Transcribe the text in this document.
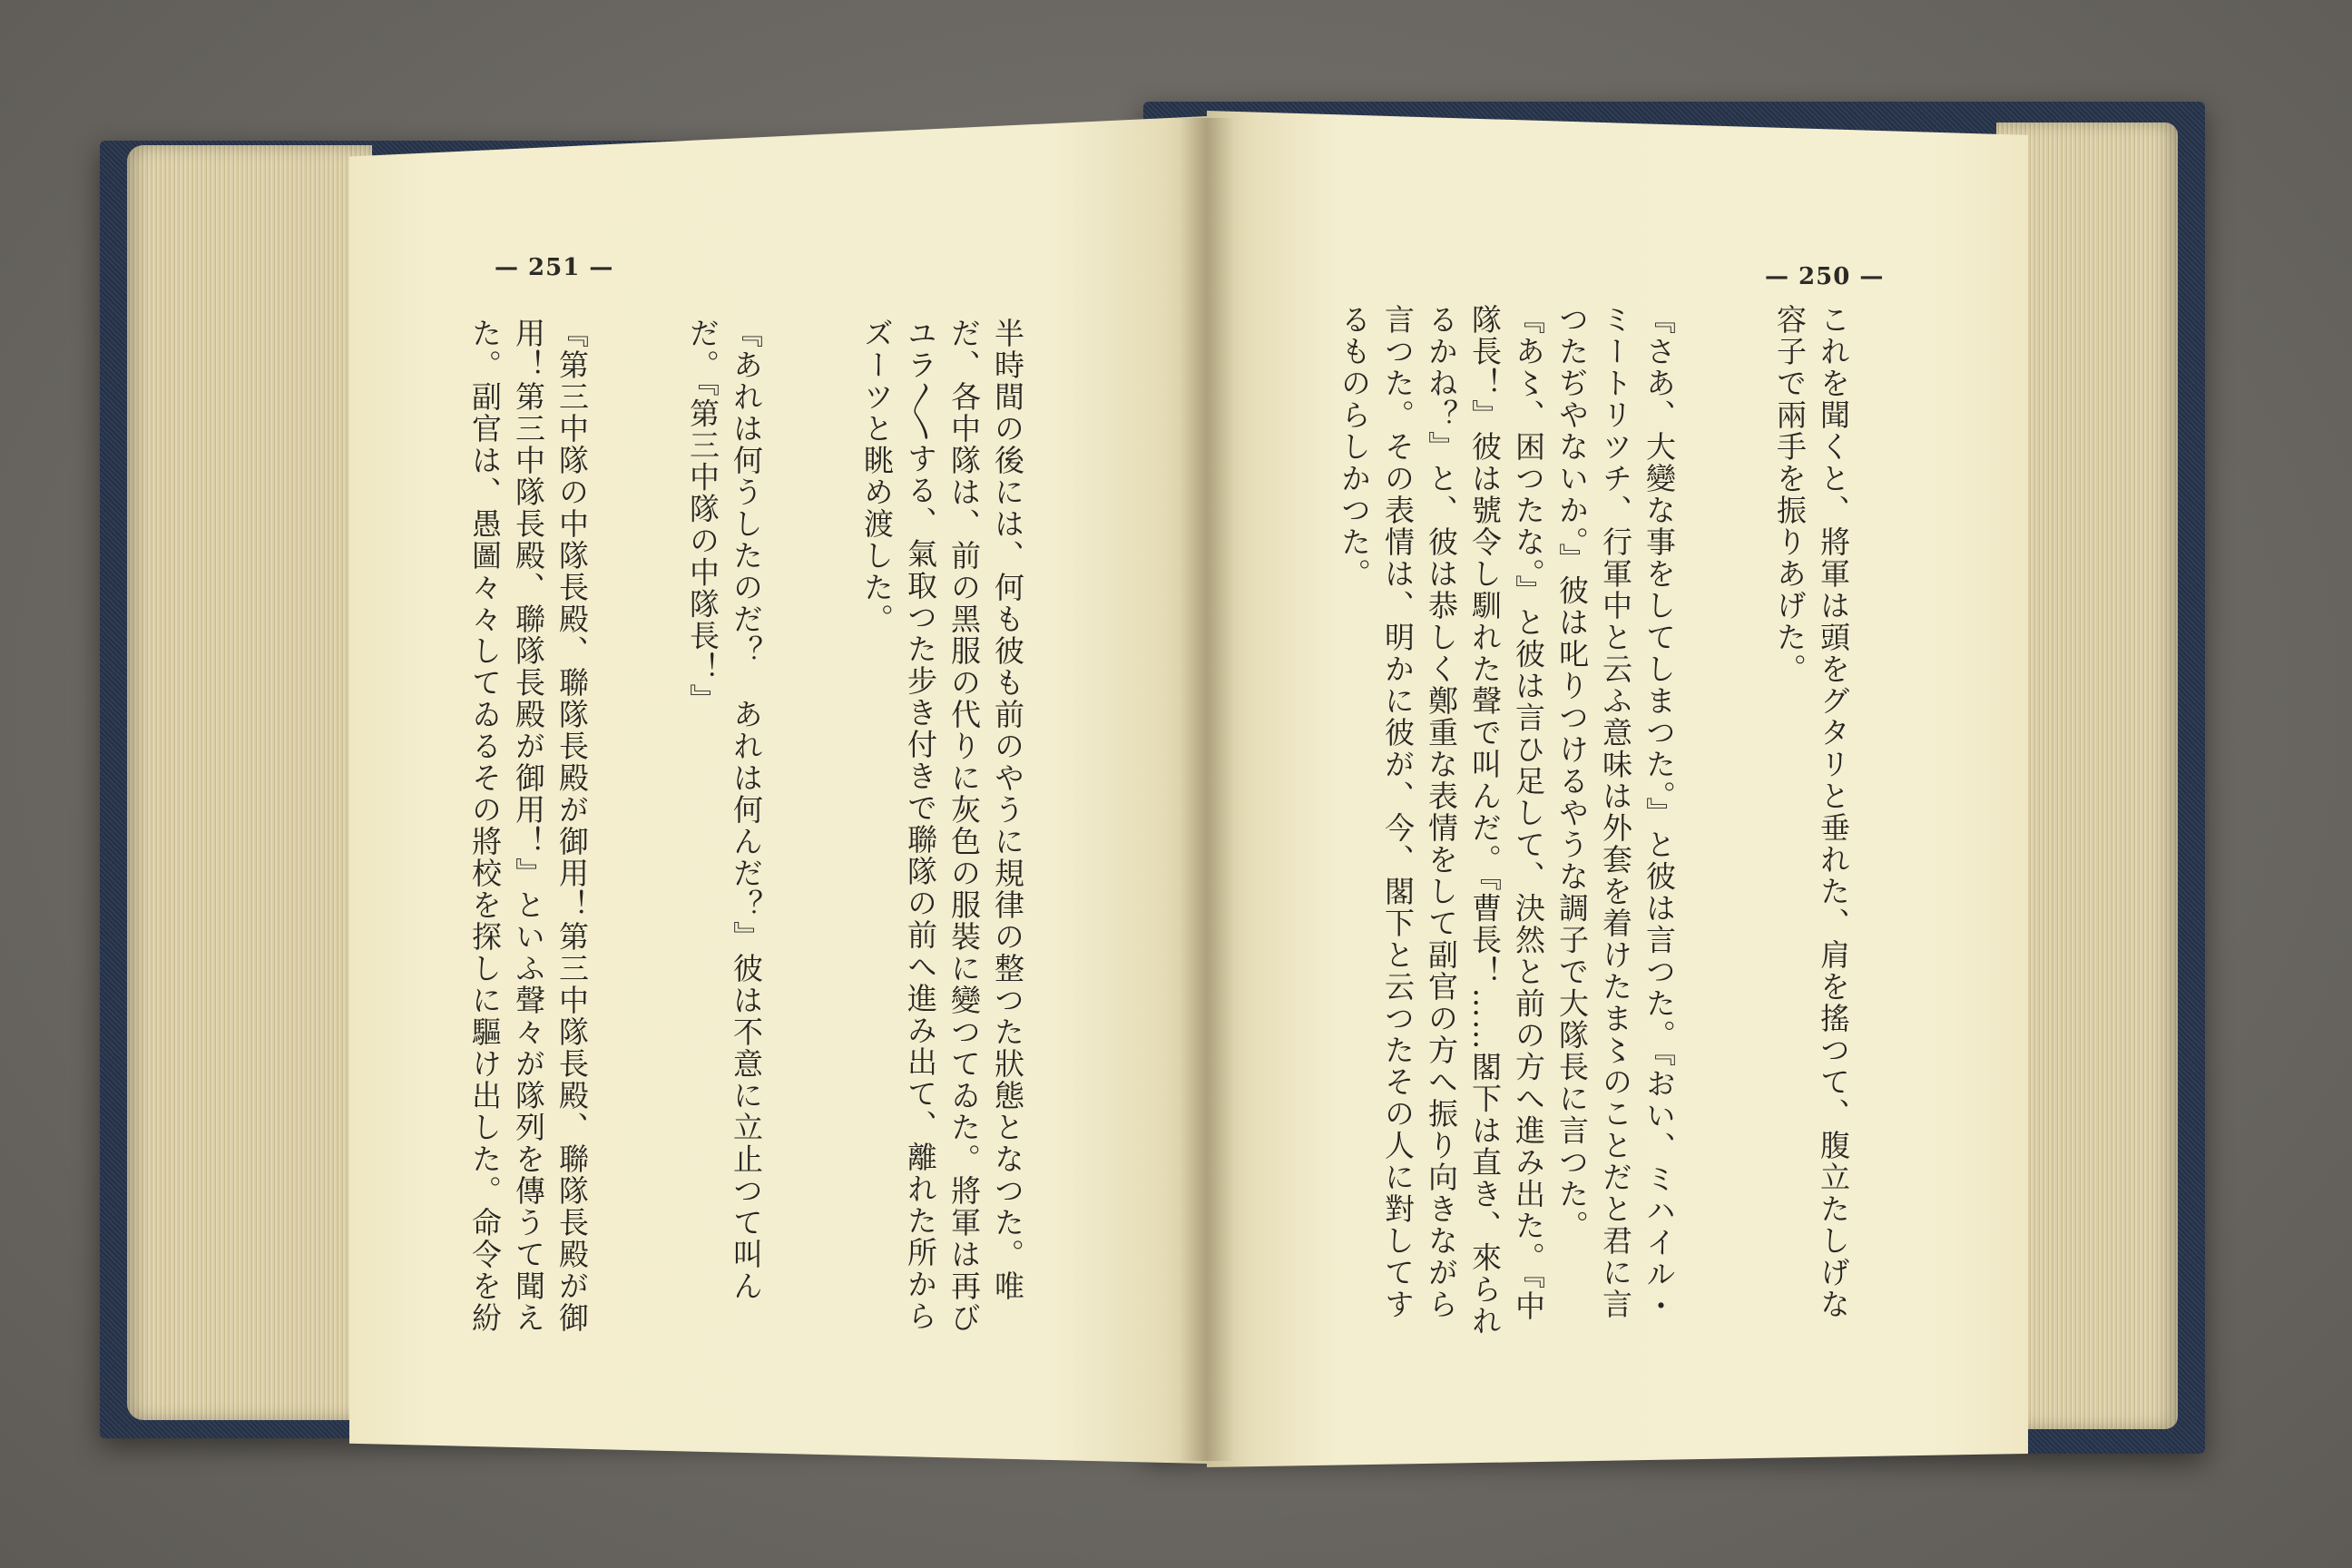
— 251 —	— 250 —

これを聞くと、將軍は頭をグタリと垂れた、肩を搖つて、腹立たしげな容子で兩手を振りあげた。

『さあ、大變な事をしてしまつた。』と彼は言つた。『おい、ミハイル・ミートリツチ、行軍中と云ふ意味は外套を着けたま〻のことだと君に言つたぢやないか。』彼は叱りつけるやうな調子で大隊長に言つた。『あ〻、困つたな。』と彼は言ひ足して、決然と前の方へ進み出た。『中隊長！』彼は號令し馴れた聲で叫んだ。『曹長！……閣下は直き、來られるかね？』と、彼は恭しく鄭重な表情をして副官の方へ振り向きながら言つた。その表情は、明かに彼が、今、閣下と云つたその人に對してするものらしかつた。

半時間の後には、何も彼も前のやうに規律の整つた狀態となつた。唯だ、各中隊は、前の黑服の代りに灰色の服裝に變つてゐた。將軍は再びユラ〳〵する、氣取つた步き付きで聯隊の前へ進み出て、離れた所からズーツと眺め渡した。

『あれは何うしたのだ？　あれは何んだ？』彼は不意に立止つて叫んだ。『第三中隊の中隊長！』

『第三中隊の中隊長殿、聯隊長殿が御用！第三中隊長殿、聯隊長殿が御用！第三中隊長殿、聯隊長殿が御用！』といふ聲々が隊列を傳うて聞えた。副官は、愚圖々々してゐるその將校を探しに驅け出した。命令を紛
